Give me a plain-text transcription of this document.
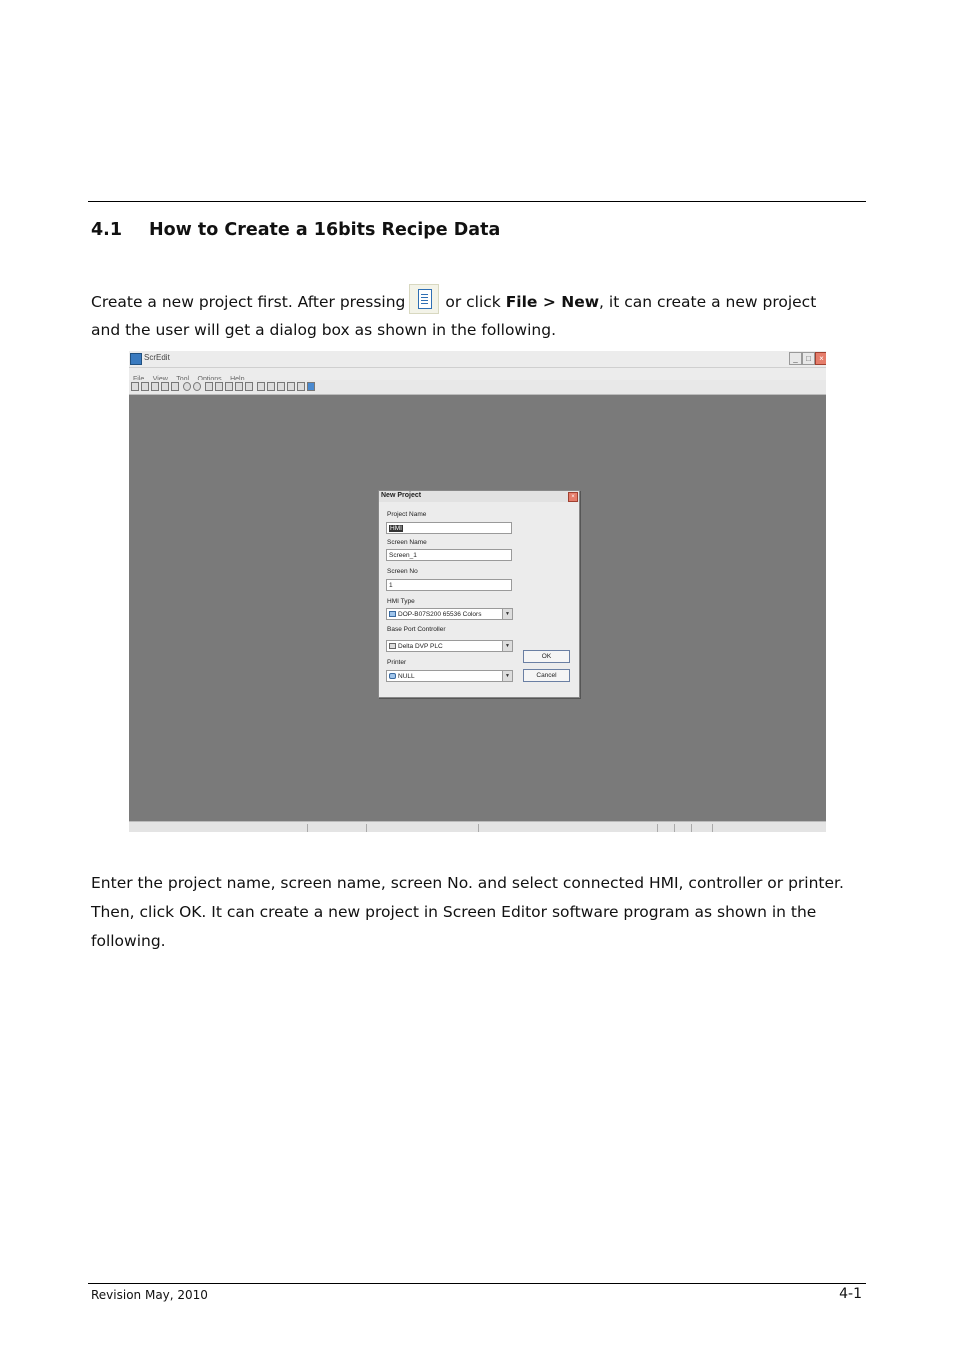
4.1 How to Create a 16bits Recipe Data

Create a new project first. After pressing	or click File > New, it can create a new project

and the user will get a dialog box as shown in the following.

ScrEdit	_	□	×

New Project	×
Project Name
HMI
Screen Name
Screen_1
Screen No
1
HMI Type
DOP-B07S200 65536 Colors	▼
Base Port Controller
Delta DVP PLC	▼
Printer
NULL	▼
OK
Cancel

Enter the project name, screen name, screen No. and select connected HMI, controller or printer. Then, click OK. It can create a new project in Screen Editor software program as shown in the following.

Revision May, 2010	4-1
